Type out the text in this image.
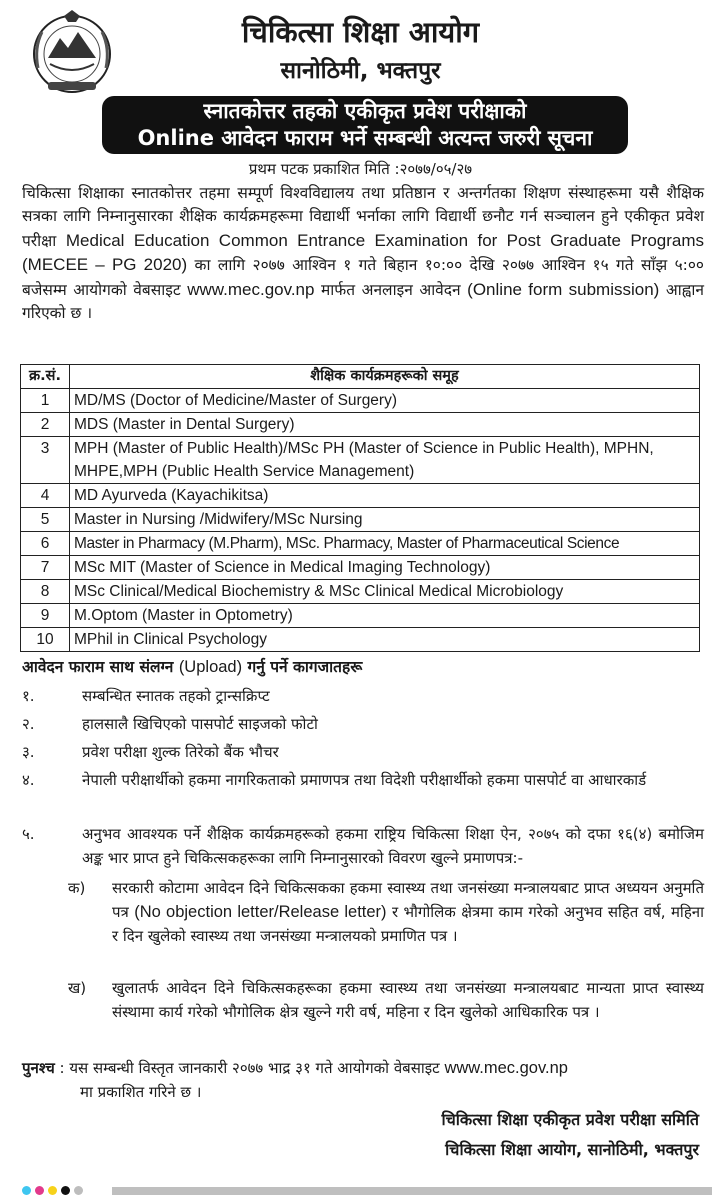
चिकित्सा शिक्षा आयोग
सानोठिमी, भक्तपुर
स्नातकोत्तर तहको एकीकृत प्रवेश परीक्षाको
Online आवेदन फाराम भर्ने सम्बन्धी अत्यन्त जरुरी सूचना
प्रथम पटक प्रकाशित मिति :२०७७/०५/२७
चिकित्सा शिक्षाका स्नातकोत्तर तहमा सम्पूर्ण विश्वविद्यालय तथा प्रतिष्ठान र अन्तर्गतका शिक्षण संस्थाहरूमा यसै शैक्षिक सत्रका लागि निम्नानुसारका शैक्षिक कार्यक्रमहरूमा विद्यार्थी भर्नाका लागि विद्यार्थी छनौट गर्न सञ्चालन हुने एकीकृत प्रवेश परीक्षा Medical Education Common Entrance Examination for Post Graduate Programs (MECEE – PG 2020) का लागि २०७७ आश्विन १ गते बिहान १०:०० देखि २०७७ आश्विन १५ गते साँझ ५:०० बजेसम्म आयोगको वेबसाइट www.mec.gov.np मार्फत अनलाइन आवेदन (Online form submission) आह्वान गरिएको छ ।
क्र.सं.	शैक्षिक कार्यक्रमहरूको समूह
1	MD/MS (Doctor of Medicine/Master of Surgery)
2	MDS (Master in Dental Surgery)
3	MPH (Master of Public Health)/MSc PH (Master of Science in Public Health), MPHN, MHPE,MPH (Public Health Service Management)
4	MD Ayurveda (Kayachikitsa)
5	Master in Nursing /Midwifery/MSc Nursing
6	Master in Pharmacy (M.Pharm), MSc. Pharmacy, Master of Pharmaceutical Science
7	MSc MIT (Master of Science in Medical Imaging Technology)
8	MSc Clinical/Medical Biochemistry & MSc Clinical Medical Microbiology
9	M.Optom (Master in Optometry)
10	MPhil in Clinical Psychology
आवेदन फाराम साथ संलग्न (Upload) गर्नु पर्ने कागजातहरू
१.	सम्बन्धित स्नातक तहको ट्रान्सक्रिप्ट
२.	हालसालै खिचिएको पासपोर्ट साइजको फोटो
३.	प्रवेश परीक्षा शुल्क तिरेको बैंक भौचर
४.	नेपाली परीक्षार्थीको हकमा नागरिकताको प्रमाणपत्र तथा विदेशी परीक्षार्थीको हकमा पासपोर्ट वा आधारकार्ड
५.	अनुभव आवश्यक पर्ने शैक्षिक कार्यक्रमहरूको हकमा राष्ट्रिय चिकित्सा शिक्षा ऐन, २०७५ को दफा १६(४) बमोजिम अङ्क भार प्राप्त हुने चिकित्सकहरूका लागि निम्नानुसारको विवरण खुल्ने प्रमाणपत्र:-
क)	सरकारी कोटामा आवेदन दिने चिकित्सकका हकमा स्वास्थ्य तथा जनसंख्या मन्त्रालयबाट प्राप्त अध्ययन अनुमति पत्र (No objection letter/Release letter) र भौगोलिक क्षेत्रमा काम गरेको अनुभव सहित वर्ष, महिना र दिन खुलेको स्वास्थ्य तथा जनसंख्या मन्त्रालयको प्रमाणित पत्र ।
ख)	खुलातर्फ आवेदन दिने चिकित्सकहरूका हकमा स्वास्थ्य तथा जनसंख्या मन्त्रालयबाट मान्यता प्राप्त स्वास्थ्य संस्थामा कार्य गरेको भौगोलिक क्षेत्र खुल्ने गरी वर्ष, महिना र दिन खुलेको आधिकारिक पत्र ।
पुनश्च : यस सम्बन्धी विस्तृत जानकारी २०७७ भाद्र ३१ गते आयोगको वेबसाइट www.mec.gov.np
मा प्रकाशित गरिने छ ।
चिकित्सा शिक्षा एकीकृत प्रवेश परीक्षा समिति
चिकित्सा शिक्षा आयोग, सानोठिमी, भक्तपुर
